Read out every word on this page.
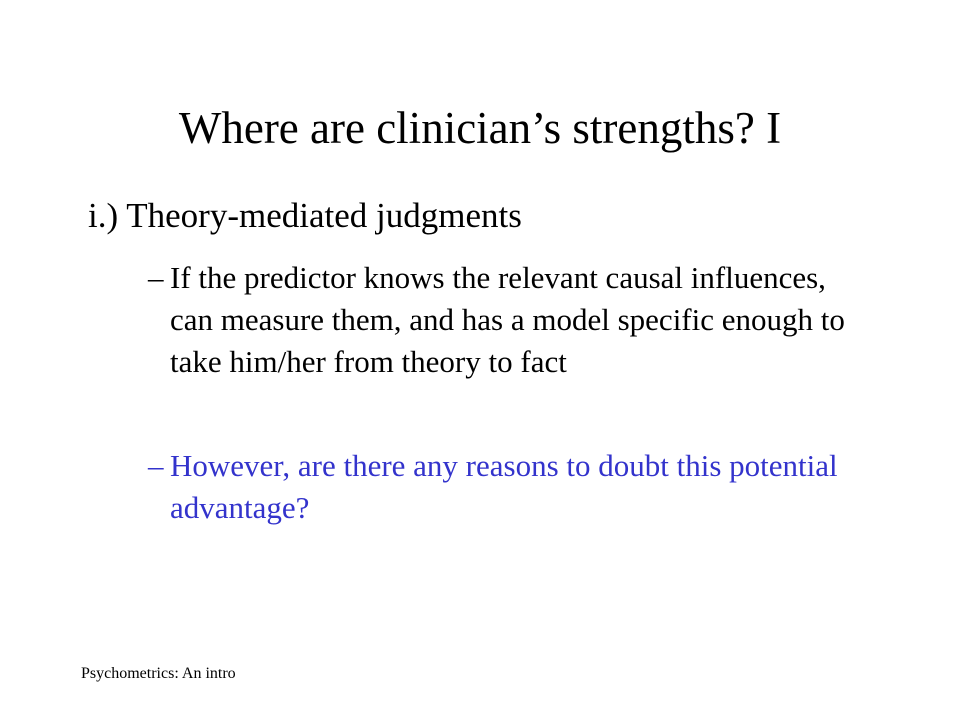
Where are clinician’s strengths? I
i.) Theory-mediated judgments
– If the predictor knows the relevant causal influences, can measure them, and has a model specific enough to take him/her from theory to fact
– However, are there any reasons to doubt this potential advantage?
Psychometrics: An intro
